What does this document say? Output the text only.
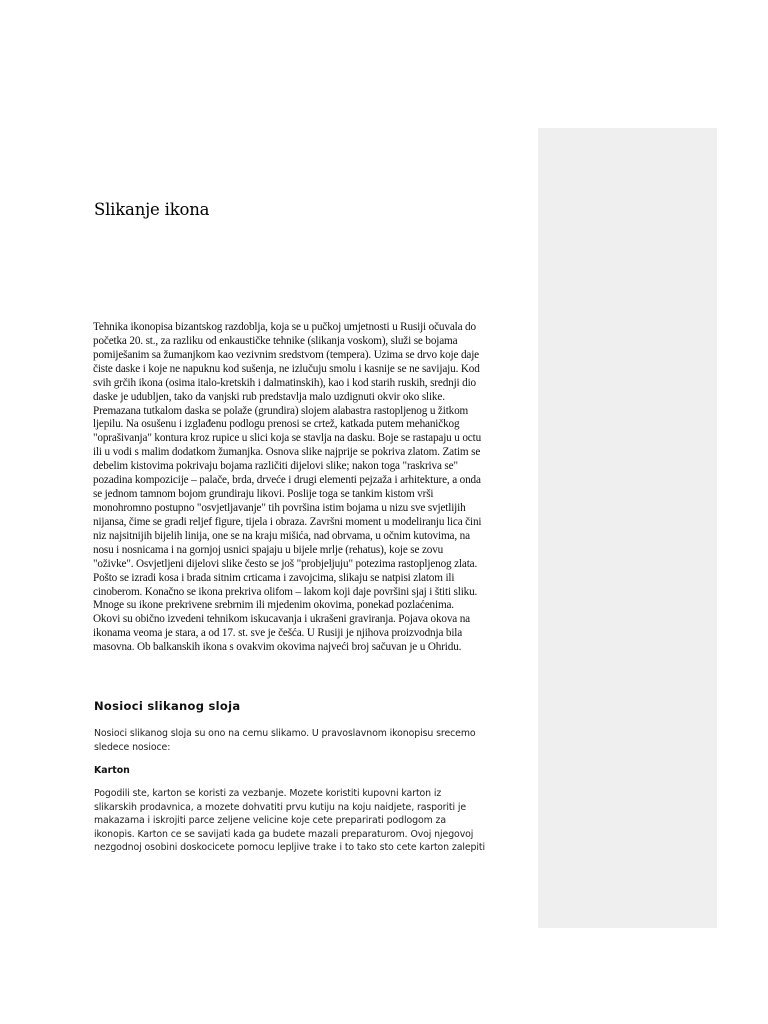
Slikanje ikona
Tehnika ikonopisa bizantskog razdoblja, koja se u pučkoj umjetnosti u Rusiji očuvala do
početka 20. st., za razliku od enkaustičke tehnike (slikanja voskom), služi se bojama
pomiješanim sa žumanjkom kao vezivnim sredstvom (tempera). Uzima se drvo koje daje
čiste daske i koje ne napuknu kod sušenja, ne izlučuju smolu i kasnije se ne savijaju. Kod
svih grčih ikona (osima italo-kretskih i dalmatinskih), kao i kod starih ruskih, srednji dio
daske je udubljen, tako da vanjski rub predstavlja malo uzdignuti okvir oko slike.
Premazana tutkalom daska se polaže (grundira) slojem alabastra rastopljenog u žitkom
ljepilu. Na osušenu i izglađenu podlogu prenosi se crtež, katkada putem mehaničkog
"oprašivanja" kontura kroz rupice u slici koja se stavlja na dasku. Boje se rastapaju u octu
ili u vodi s malim dodatkom žumanjka. Osnova slike najprije se pokriva zlatom. Zatim se
debelim kistovima pokrivaju bojama različiti dijelovi slike; nakon toga "raskriva se"
pozadina kompozicije – palače, brda, drveće i drugi elementi pejzaža i arhitekture, a onda
se jednom tamnom bojom grundiraju likovi. Poslije toga se tankim kistom vrši
monohromno postupno "osvjetljavanje" tih površina istim bojama u nizu sve svjetlijih
nijansa, čime se gradi reljef figure, tijela i obraza. Završni moment u modeliranju lica čini
niz najsitnijih bijelih linija, one se na kraju mišića, nad obrvama, u očnim kutovima, na
nosu i nosnicama i na gornjoj usnici spajaju u bijele mrlje (rehatus), koje se zovu
"oživke". Osvjetljeni dijelovi slike često se još "probjeljuju" potezima rastopljenog zlata.
Pošto se izradi kosa i brada sitnim crticama i zavojcima, slikaju se natpisi zlatom ili
cinoberom. Konačno se ikona prekriva olifom – lakom koji daje površini sjaj i štiti sliku.
Mnoge su ikone prekrivene srebrnim ili mjedenim okovima, ponekad pozlaćenima.
Okovi su obično izvedeni tehnikom iskucavanja i ukrašeni graviranja. Pojava okova na
ikonama veoma je stara, a od 17. st. sve je češća. U Rusiji je njihova proizvodnja bila
masovna. Ob balkanskih ikona s ovakvim okovima najveći broj sačuvan je u Ohridu.
Nosioci slikanog sloja
Nosioci slikanog sloja su ono na cemu slikamo. U pravoslavnom ikonopisu srecemo
sledece nosioce:
Karton
Pogodili ste, karton se koristi za vezbanje. Mozete koristiti kupovni karton iz
slikarskih prodavnica, a mozete dohvatiti prvu kutiju na koju naidjete, rasporiti je
makazama i iskrojiti parce zeljene velicine koje cete preparirati podlogom za
ikonopis. Karton ce se savijati kada ga budete mazali preparaturom. Ovoj njegovoj
nezgodnoj osobini doskocicete pomocu lepljive trake i to tako sto cete karton zalepiti
